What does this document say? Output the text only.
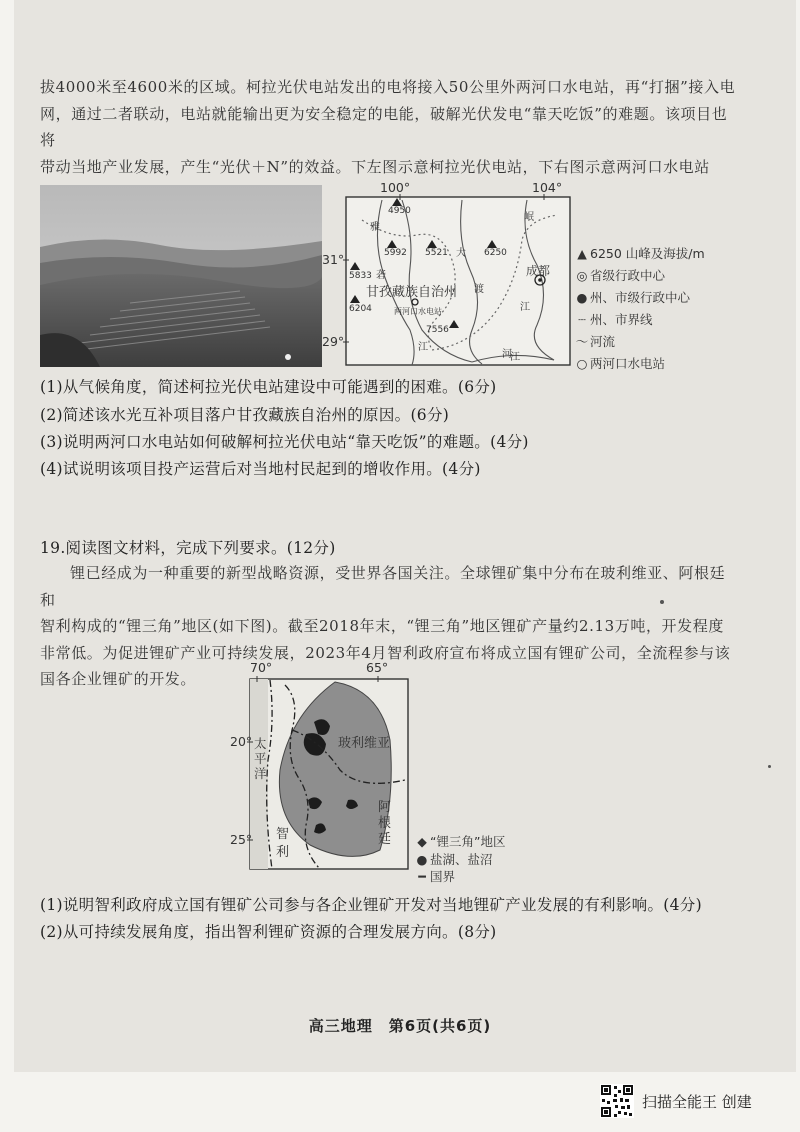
拔4000米至4600米的区域。柯拉光伏电站发出的电将接入50公里外两河口水电站，再“打捆”接入电
网，通过二者联动，电站就能输出更为安全稳定的电能，破解光伏发电“靠天吃饭”的难题。该项目也将
带动当地产业发展，产生“光伏＋N”的效益。下左图示意柯拉光伏电站，下右图示意两河口水电站
100°	104°
31°
29°
4950
5992 5521	6250
5833
6204
7556
雅
砻
大
渡
江
江
岷
江
河
甘孜藏族自治州
成都
两河口水电站
▲ 6250 山峰及海拔/m
◎ 省级行政中心
● 州、市级行政中心
┈ 州、市界线
〜 河流
○ 两河口水电站
(1)从气候角度，简述柯拉光伏电站建设中可能遇到的困难。(6分)
(2)简述该水光互补项目落户甘孜藏族自治州的原因。(6分)
(3)说明两河口水电站如何破解柯拉光伏电站“靠天吃饭”的难题。(4分)
(4)试说明该项目投产运营后对当地村民起到的增收作用。(4分)
19.阅读图文材料，完成下列要求。(12分)
锂已经成为一种重要的新型战略资源，受世界各国关注。全球锂矿集中分布在玻利维亚、阿根廷和
智利构成的“锂三角”地区(如下图)。截至2018年末，“锂三角”地区锂矿产量约2.13万吨，开发程度
非常低。为促进锂矿产业可持续发展，2023年4月智利政府宣布将成立国有锂矿公司，全流程参与该
国各企业锂矿的开发。
70°	65°
20°
25°
太
平
洋
玻利维亚
阿
根
廷
智
利
◆ “锂三角”地区
● 盐湖、盐沼
━ 国界
(1)说明智利政府成立国有锂矿公司参与各企业锂矿开发对当地锂矿产业发展的有利影响。(4分)
(2)从可持续发展角度，指出智利锂矿资源的合理发展方向。(8分)
高三地理　第6页(共6页)
扫描全能王 创建
